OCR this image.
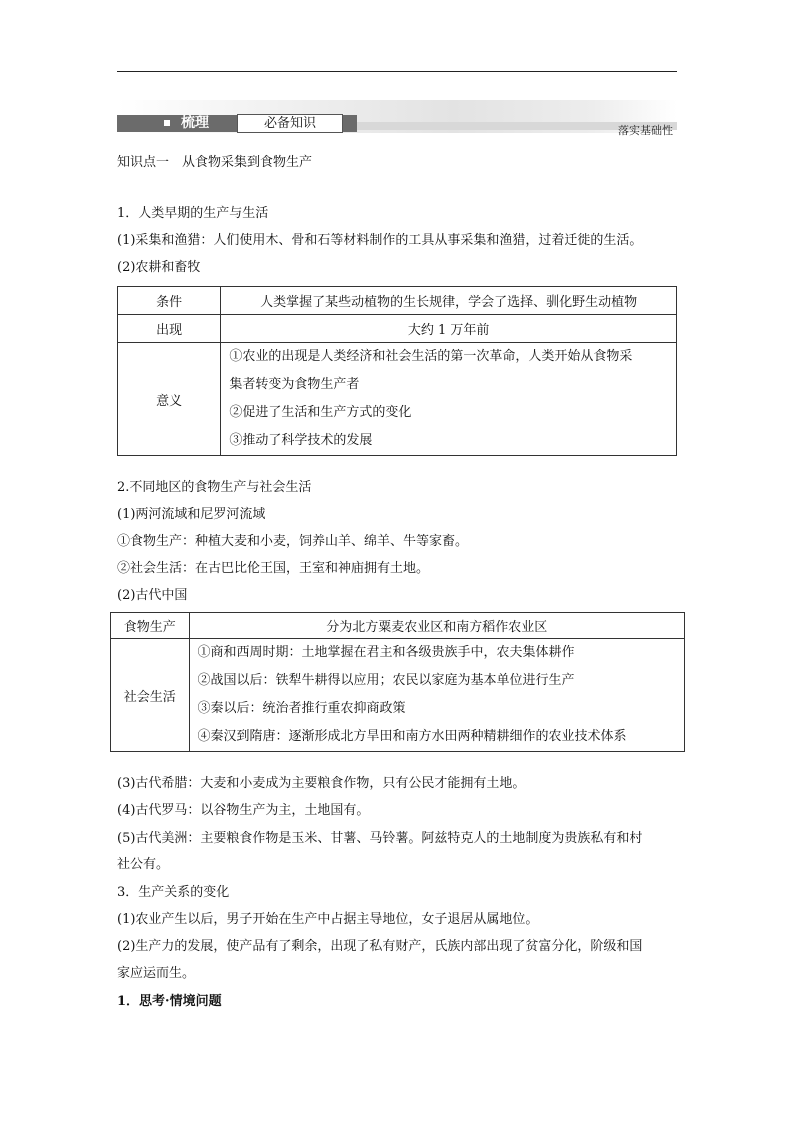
梳理	必备知识	落实基础性
知识点一　从食物采集到食物生产
1．人类早期的生产与生活
(1)采集和渔猎：人们使用木、骨和石等材料制作的工具从事采集和渔猎，过着迁徙的生活。
(2)农耕和畜牧
条件	人类掌握了某些动植物的生长规律，学会了选择、驯化野生动植物
出现	大约 1 万年前
意义	①农业的出现是人类经济和社会生活的第一次革命，人类开始从食物采
集者转变为食物生产者
②促进了生活和生产方式的变化
③推动了科学技术的发展
2.不同地区的食物生产与社会生活
(1)两河流域和尼罗河流域
①食物生产：种植大麦和小麦，饲养山羊、绵羊、牛等家畜。
②社会生活：在古巴比伦王国，王室和神庙拥有土地。
(2)古代中国
食物生产	分为北方粟麦农业区和南方稻作农业区
社会生活	①商和西周时期：土地掌握在君主和各级贵族手中，农夫集体耕作
②战国以后：铁犁牛耕得以应用；农民以家庭为基本单位进行生产
③秦以后：统治者推行重农抑商政策
④秦汉到隋唐：逐渐形成北方旱田和南方水田两种精耕细作的农业技术体系
(3)古代希腊：大麦和小麦成为主要粮食作物，只有公民才能拥有土地。
(4)古代罗马：以谷物生产为主，土地国有。
(5)古代美洲：主要粮食作物是玉米、甘薯、马铃薯。阿兹特克人的土地制度为贵族私有和村
社公有。
3．生产关系的变化
(1)农业产生以后，男子开始在生产中占据主导地位，女子退居从属地位。
(2)生产力的发展，使产品有了剩余，出现了私有财产，氏族内部出现了贫富分化，阶级和国
家应运而生。
1．思考·情境问题
